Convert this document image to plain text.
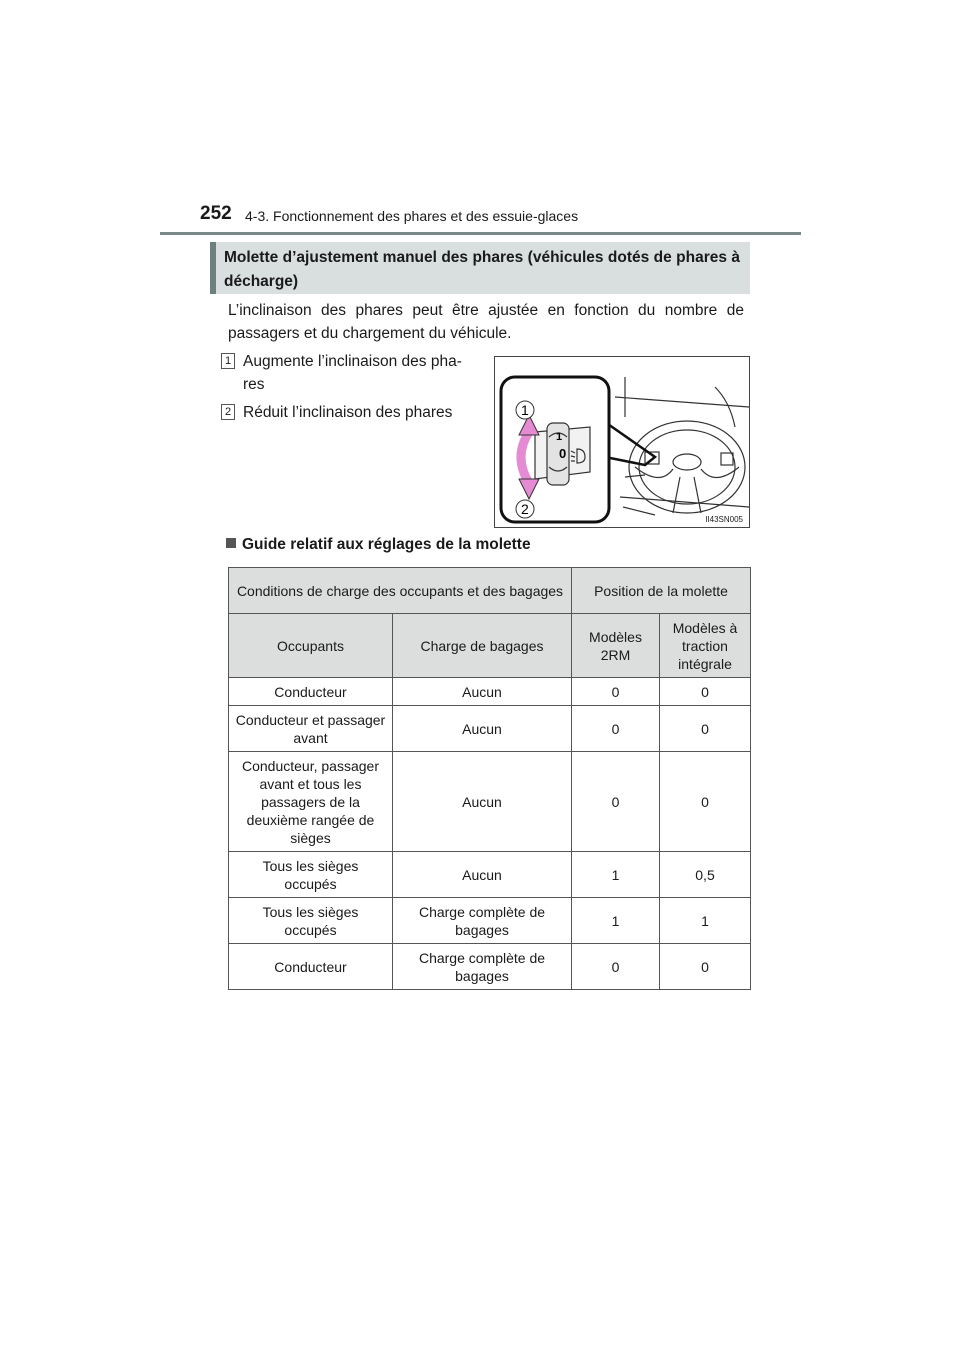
252 4-3. Fonctionnement des phares et des essuie-glaces
Molette d’ajustement manuel des phares (véhicules dotés de phares à décharge)
L’inclinaison des phares peut être ajustée en fonction du nombre de passagers et du chargement du véhicule.
1 Augmente l’inclinaison des pha-
res
2 Réduit l’inclinaison des phares
1
0
1
2
II43SN005
Guide relatif aux réglages de la molette
Conditions de charge des occupants et des bagages		Position de la molette	
Occupants	Charge de bagages	Modèles 2RM	Modèles à traction intégrale
Conducteur	Aucun	0	0
Conducteur et passager avant	Aucun	0	0
Conducteur, passager avant et tous les passagers de la deuxième rangée de sièges	Aucun	0	0
Tous les sièges occupés	Aucun	1	0,5
Tous les sièges occupés	Charge complète de bagages	1	1
Conducteur	Charge complète de bagages	0	0
